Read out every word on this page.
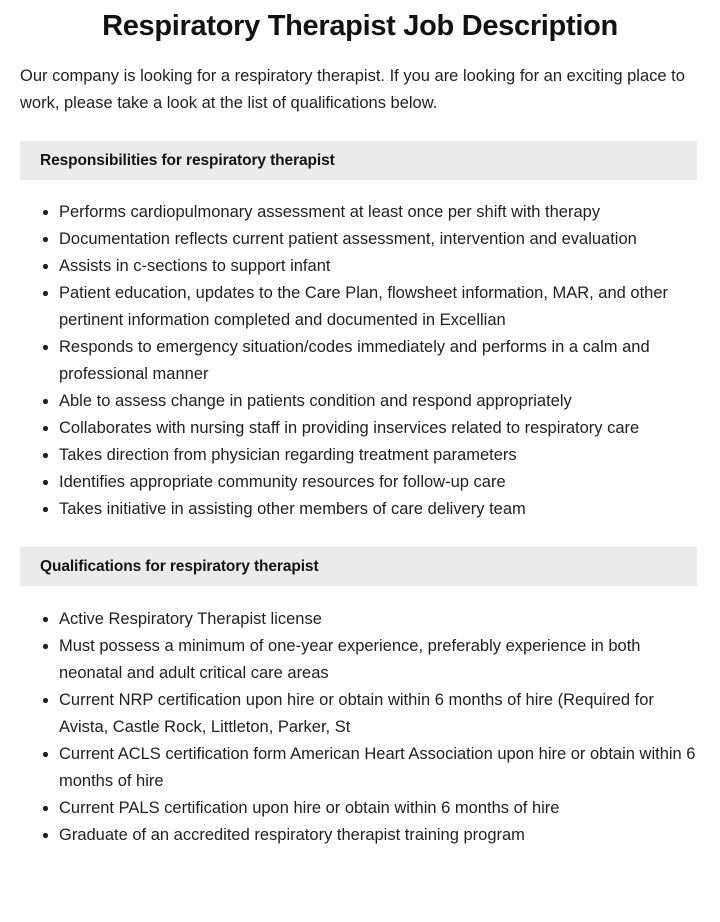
Respiratory Therapist Job Description

Our company is looking for a respiratory therapist. If you are looking for an exciting place to work, please take a look at the list of qualifications below.

Responsibilities for respiratory therapist
Performs cardiopulmonary assessment at least once per shift with therapy
Documentation reflects current patient assessment, intervention and evaluation
Assists in c-sections to support infant
Patient education, updates to the Care Plan, flowsheet information, MAR, and other pertinent information completed and documented in Excellian
Responds to emergency situation/codes immediately and performs in a calm and professional manner
Able to assess change in patients condition and respond appropriately
Collaborates with nursing staff in providing inservices related to respiratory care
Takes direction from physician regarding treatment parameters
Identifies appropriate community resources for follow-up care
Takes initiative in assisting other members of care delivery team
Qualifications for respiratory therapist
Active Respiratory Therapist license
Must possess a minimum of one-year experience, preferably experience in both neonatal and adult critical care areas
Current NRP certification upon hire or obtain within 6 months of hire (Required for Avista, Castle Rock, Littleton, Parker, St
Current ACLS certification form American Heart Association upon hire or obtain within 6 months of hire
Current PALS certification upon hire or obtain within 6 months of hire
Graduate of an accredited respiratory therapist training program
